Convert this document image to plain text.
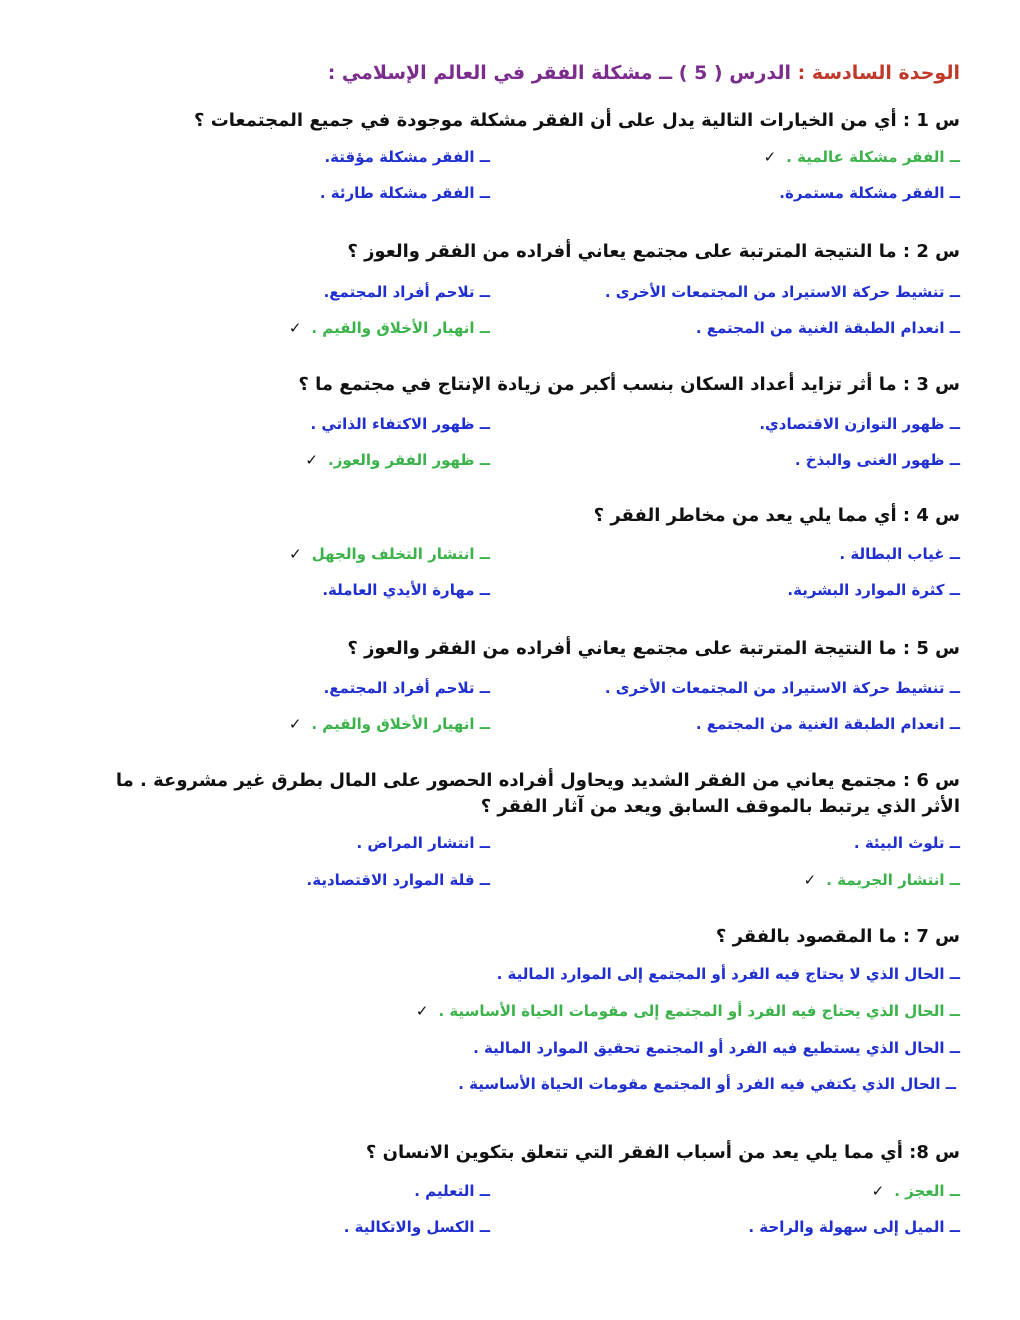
الوحدة السادسة : الدرس ( 5 ) ــ مشكلة الفقر في العالم الإسلامي :
س 1 : أي من الخيارات التالية يدل على أن الفقر مشكلة موجودة في جميع المجتمعات ؟
ــ الفقر مشكلة عالمية .✓
ــ الفقر مشكلة مؤقتة.
ــ الفقر مشكلة مستمرة.
ــ الفقر مشكلة طارئة .
س 2 : ما النتيجة المترتبة على مجتمع يعاني أفراده من الفقر والعوز ؟
ــ تنشيط حركة الاستيراد من المجتمعات الأخرى .
ــ تلاحم أفراد المجتمع.
ــ انعدام الطبقة الغنية من المجتمع .
ــ انهيار الأخلاق والقيم .✓
س 3 : ما أثر تزايد أعداد السكان بنسب أكبر من زيادة الإنتاج في مجتمع ما ؟
ــ ظهور التوازن الاقتصادي.
ــ ظهور الاكتفاء الذاتي .
ــ ظهور الغنى والبذخ .
ــ ظهور الفقر والعوز.✓
س 4 : أي مما يلي يعد من مخاطر الفقر ؟
ــ غياب البطالة .
ــ انتشار التخلف والجهل✓
ــ كثرة الموارد البشرية.
ــ مهارة الأيدي العاملة.
س 5 : ما النتيجة المترتبة على مجتمع يعاني أفراده من الفقر والعوز ؟
ــ تنشيط حركة الاستيراد من المجتمعات الأخرى .
ــ تلاحم أفراد المجتمع.
ــ انعدام الطبقة الغنية من المجتمع .
ــ انهيار الأخلاق والقيم .✓
س 6 : مجتمع يعاني من الفقر الشديد ويحاول أفراده الحصور على المال بطرق غير مشروعة . ما الأثر الذي يرتبط بالموقف السابق ويعد من آثار الفقر ؟
ــ تلوث البيئة .
ــ انتشار المراض .
ــ انتشار الجريمة .✓
ــ قلة الموارد الاقتصادية.
س 7 : ما المقصود بالفقر ؟
ــ الحال الذي لا يحتاج فيه الفرد أو المجتمع إلى الموارد المالية .
ــ الحال الذي يحتاج فيه الفرد أو المجتمع إلى مقومات الحياة الأساسية .✓
ــ الحال الذي يستطيع فيه الفرد أو المجتمع تحقيق الموارد المالية .
ــ الحال الذي يكتفي فيه الفرد أو المجتمع مقومات الحياة الأساسية .
س 8: أي مما يلي يعد من أسباب الفقر التي تتعلق بتكوين الانسان ؟
ــ العجز .✓
ــ التعليم .
ــ الميل إلى سهولة والراحة .
ــ الكسل والاتكالية .
